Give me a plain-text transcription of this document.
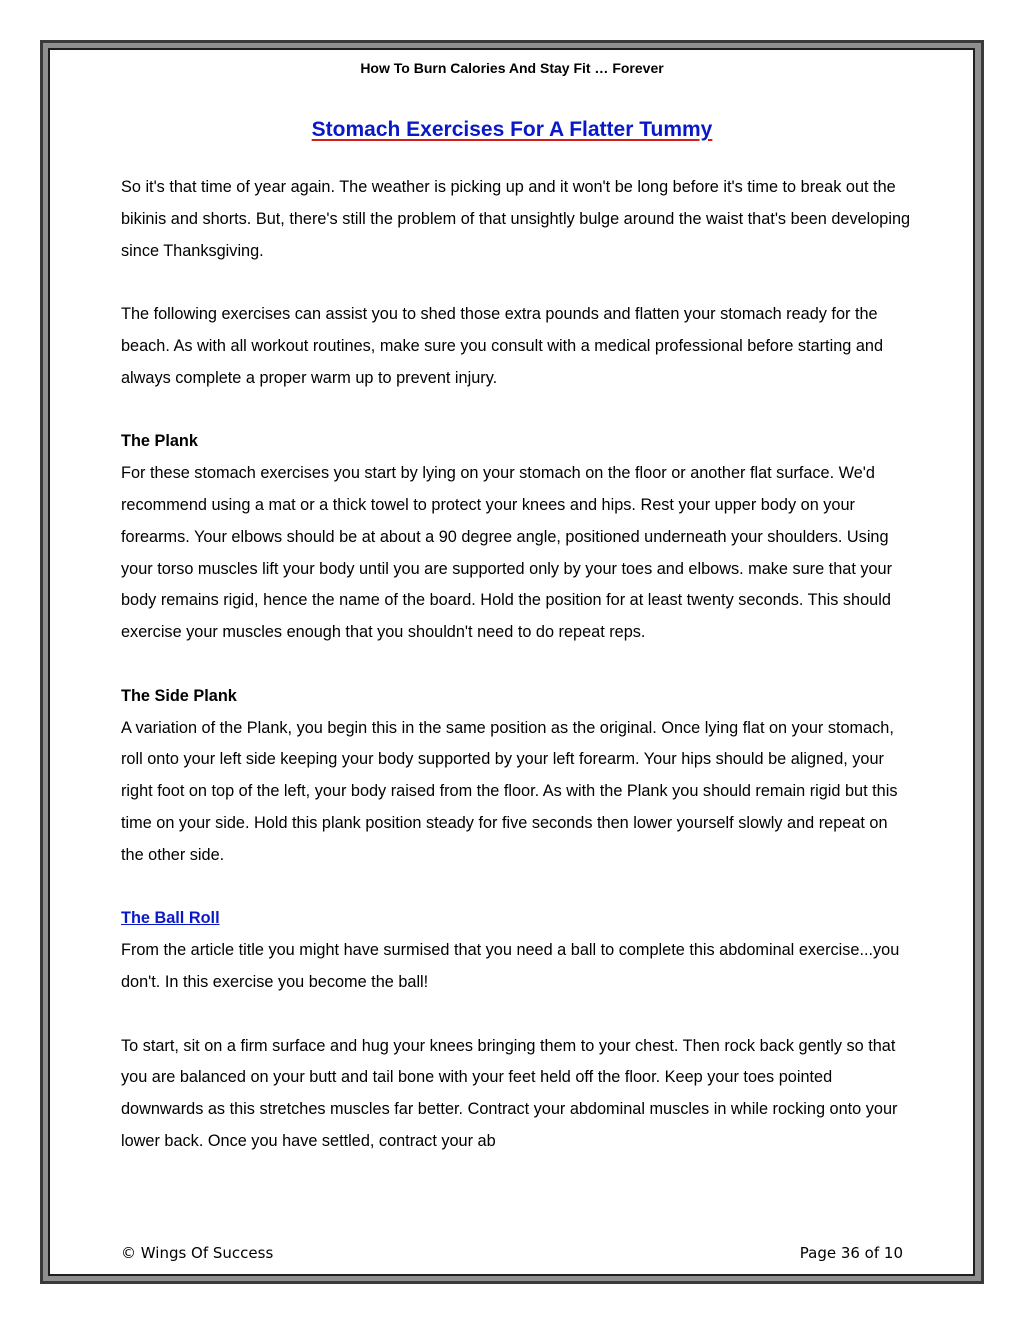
How To Burn Calories And Stay Fit … Forever
Stomach Exercises For A Flatter Tummy

So it's that time of year again. The weather is picking up and it won't be long before it's time to break out the bikinis and shorts. But, there's still the problem of that unsightly bulge around the waist that's been developing since Thanksgiving.

The following exercises can assist you to shed those extra pounds and flatten your stomach ready for the beach. As with all workout routines, make sure you consult with a medical professional before starting and always complete a proper warm up to prevent injury.

The Plank

For these stomach exercises you start by lying on your stomach on the floor or another flat surface. We'd recommend using a mat or a thick towel to protect your knees and hips. Rest your upper body on your forearms. Your elbows should be at about a 90 degree angle, positioned underneath your shoulders. Using your torso muscles lift your body until you are supported only by your toes and elbows. make sure that your body remains rigid, hence the name of the board. Hold the position for at least twenty seconds. This should exercise your muscles enough that you shouldn't need to do repeat reps.

The Side Plank

A variation of the Plank, you begin this in the same position as the original. Once lying flat on your stomach, roll onto your left side keeping your body supported by your left forearm. Your hips should be aligned, your right foot on top of the left, your body raised from the floor. As with the Plank you should remain rigid but this time on your side. Hold this plank position steady for five seconds then lower yourself slowly and repeat on the other side.

The Ball Roll

From the article title you might have surmised that you need a ball to complete this abdominal exercise...you don't. In this exercise you become the ball!

To start, sit on a firm surface and hug your knees bringing them to your chest. Then rock back gently so that you are balanced on your butt and tail bone with your feet held off the floor. Keep your toes pointed downwards as this stretches muscles far better. Contract your abdominal muscles in while rocking onto your lower back. Once you have settled, contract your ab

© Wings Of Success	Page 36 of 10
